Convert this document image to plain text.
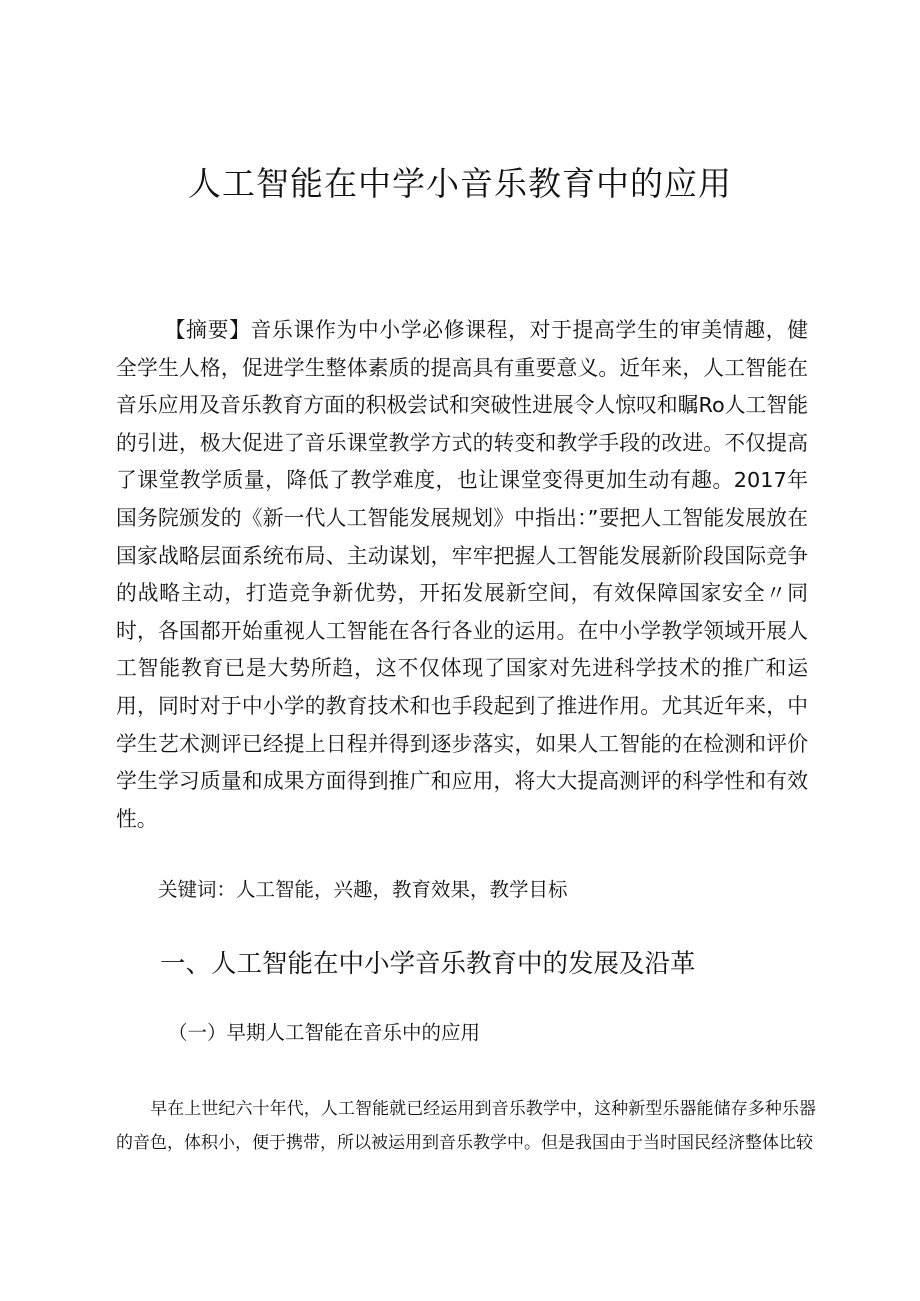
人工智能在中学小音乐教育中的应用

【摘要】音乐课作为中小学必修课程，对于提高学生的审美情趣，健全学生人格，促进学生整体素质的提高具有重要意义。近年来，人工智能在音乐应用及音乐教育方面的积极尝试和突破性进展令人惊叹和瞩Ro人工智能的引进，极大促进了音乐课堂教学方式的转变和教学手段的改进。不仅提高了课堂教学质量，降低了教学难度，也让课堂变得更加生动有趣。2017年国务院颁发的《新一代人工智能发展规划》中指出：”要把人工智能发展放在国家战略层面系统布局、主动谋划，牢牢把握人工智能发展新阶段国际竞争的战略主动，打造竞争新优势，开拓发展新空间，有效保障国家安全〃同时，各国都开始重视人工智能在各行各业的运用。在中小学教学领域开展人工智能教育已是大势所趋，这不仅体现了国家对先进科学技术的推广和运用，同时对于中小学的教育技术和也手段起到了推进作用。尤其近年来，中学生艺术测评已经提上日程并得到逐步落实，如果人工智能的在检测和评价学生学习质量和成果方面得到推广和应用，将大大提高测评的科学性和有效性。

关键词：人工智能，兴趣，教育效果，教学目标

一、人工智能在中小学音乐教育中的发展及沿革
（一）早期人工智能在音乐中的应用

早在上世纪六十年代，人工智能就已经运用到音乐教学中，这种新型乐器能储存多种乐器的音色，体积小，便于携带，所以被运用到音乐教学中。但是我国由于当时国民经济整体比较
